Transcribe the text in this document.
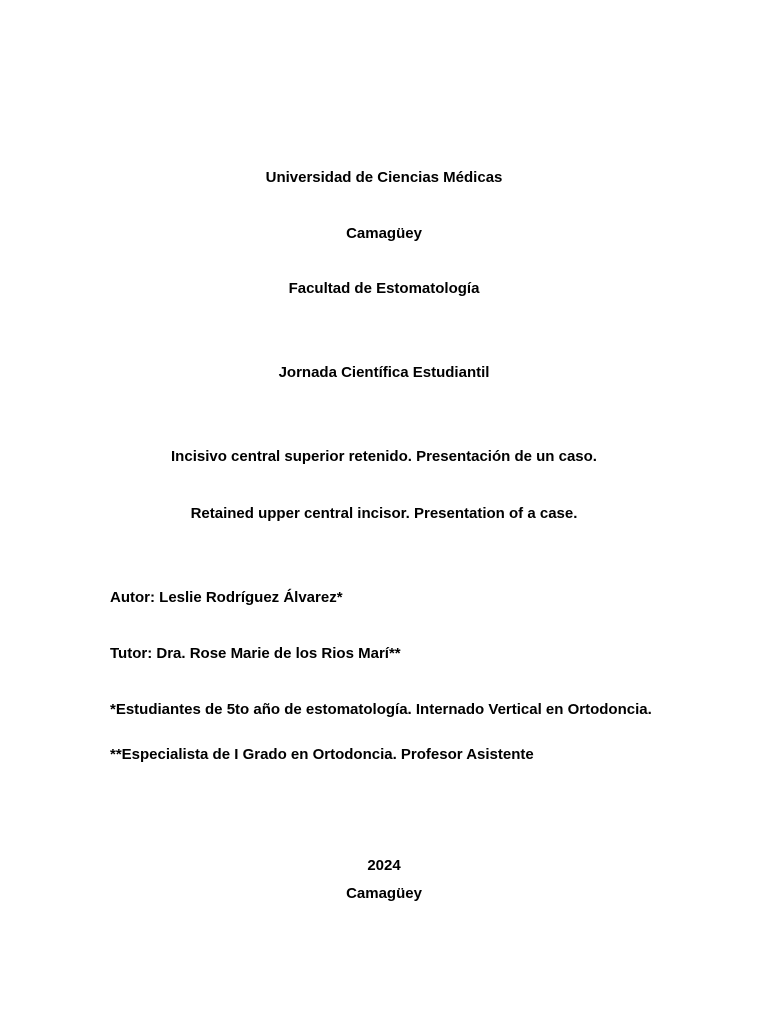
Universidad de Ciencias Médicas
Camagüey
Facultad de Estomatología
Jornada Científica Estudiantil
Incisivo central superior retenido. Presentación de un caso.
Retained upper central incisor. Presentation of a case.
Autor: Leslie Rodríguez Álvarez*
Tutor: Dra. Rose Marie de los Rios Marí**
*Estudiantes de 5to año de estomatología. Internado Vertical en Ortodoncia.
**Especialista de I Grado en Ortodoncia. Profesor Asistente
2024
Camagüey
